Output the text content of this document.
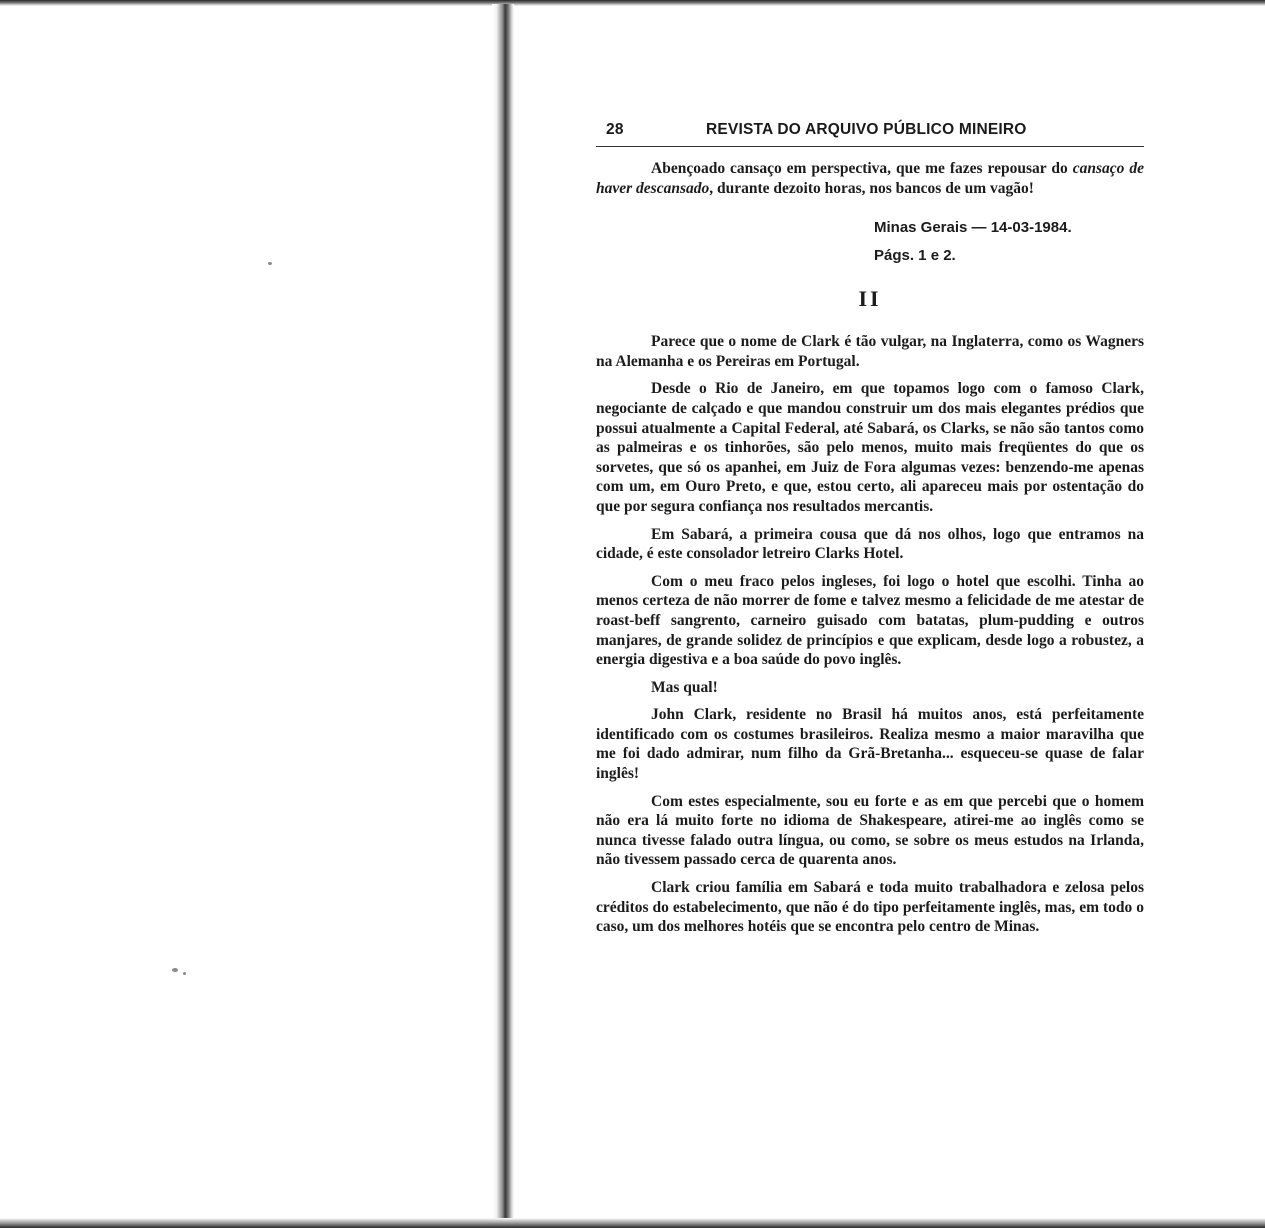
28	REVISTA DO ARQUIVO PÚBLICO MINEIRO

Abençoado cansaço em perspectiva, que me fazes repousar do cansaço de haver descansado, durante dezoito horas, nos bancos de um vagão!

Minas Gerais — 14-03-1984.
Págs. 1 e 2.
II

Parece que o nome de Clark é tão vulgar, na Inglaterra, como os Wagners na Alemanha e os Pereiras em Portugal.

Desde o Rio de Janeiro, em que topamos logo com o famoso Clark, negociante de calçado e que mandou construir um dos mais elegantes prédios que possui atualmente a Capital Federal, até Sabará, os Clarks, se não são tantos como as palmeiras e os tinhorões, são pelo menos, muito mais freqüentes do que os sorvetes, que só os apanhei, em Juiz de Fora algumas vezes: benzendo-me apenas com um, em Ouro Preto, e que, estou certo, ali apareceu mais por ostentação do que por segura confiança nos resultados mercantis.

Em Sabará, a primeira cousa que dá nos olhos, logo que entramos na cidade, é este consolador letreiro Clarks Hotel.

Com o meu fraco pelos ingleses, foi logo o hotel que escolhi. Tinha ao menos certeza de não morrer de fome e talvez mesmo a felicidade de me atestar de roast-beff sangrento, carneiro guisado com batatas, plum-pudding e outros manjares, de grande solidez de princípios e que explicam, desde logo a robustez, a energia digestiva e a boa saúde do povo inglês.

Mas qual!

John Clark, residente no Brasil há muitos anos, está perfeitamente identificado com os costumes brasileiros. Realiza mesmo a maior maravilha que me foi dado admirar, num filho da Grã-Bretanha... esqueceu-se quase de falar inglês!

Com estes especialmente, sou eu forte e as em que percebi que o homem não era lá muito forte no idioma de Shakespeare, atirei-me ao inglês como se nunca tivesse falado outra língua, ou como, se sobre os meus estudos na Irlanda, não tivessem passado cerca de quarenta anos.

Clark criou família em Sabará e toda muito trabalhadora e zelosa pelos créditos do estabelecimento, que não é do tipo perfeitamente inglês, mas, em todo o caso, um dos melhores hotéis que se encontra pelo centro de Minas.
